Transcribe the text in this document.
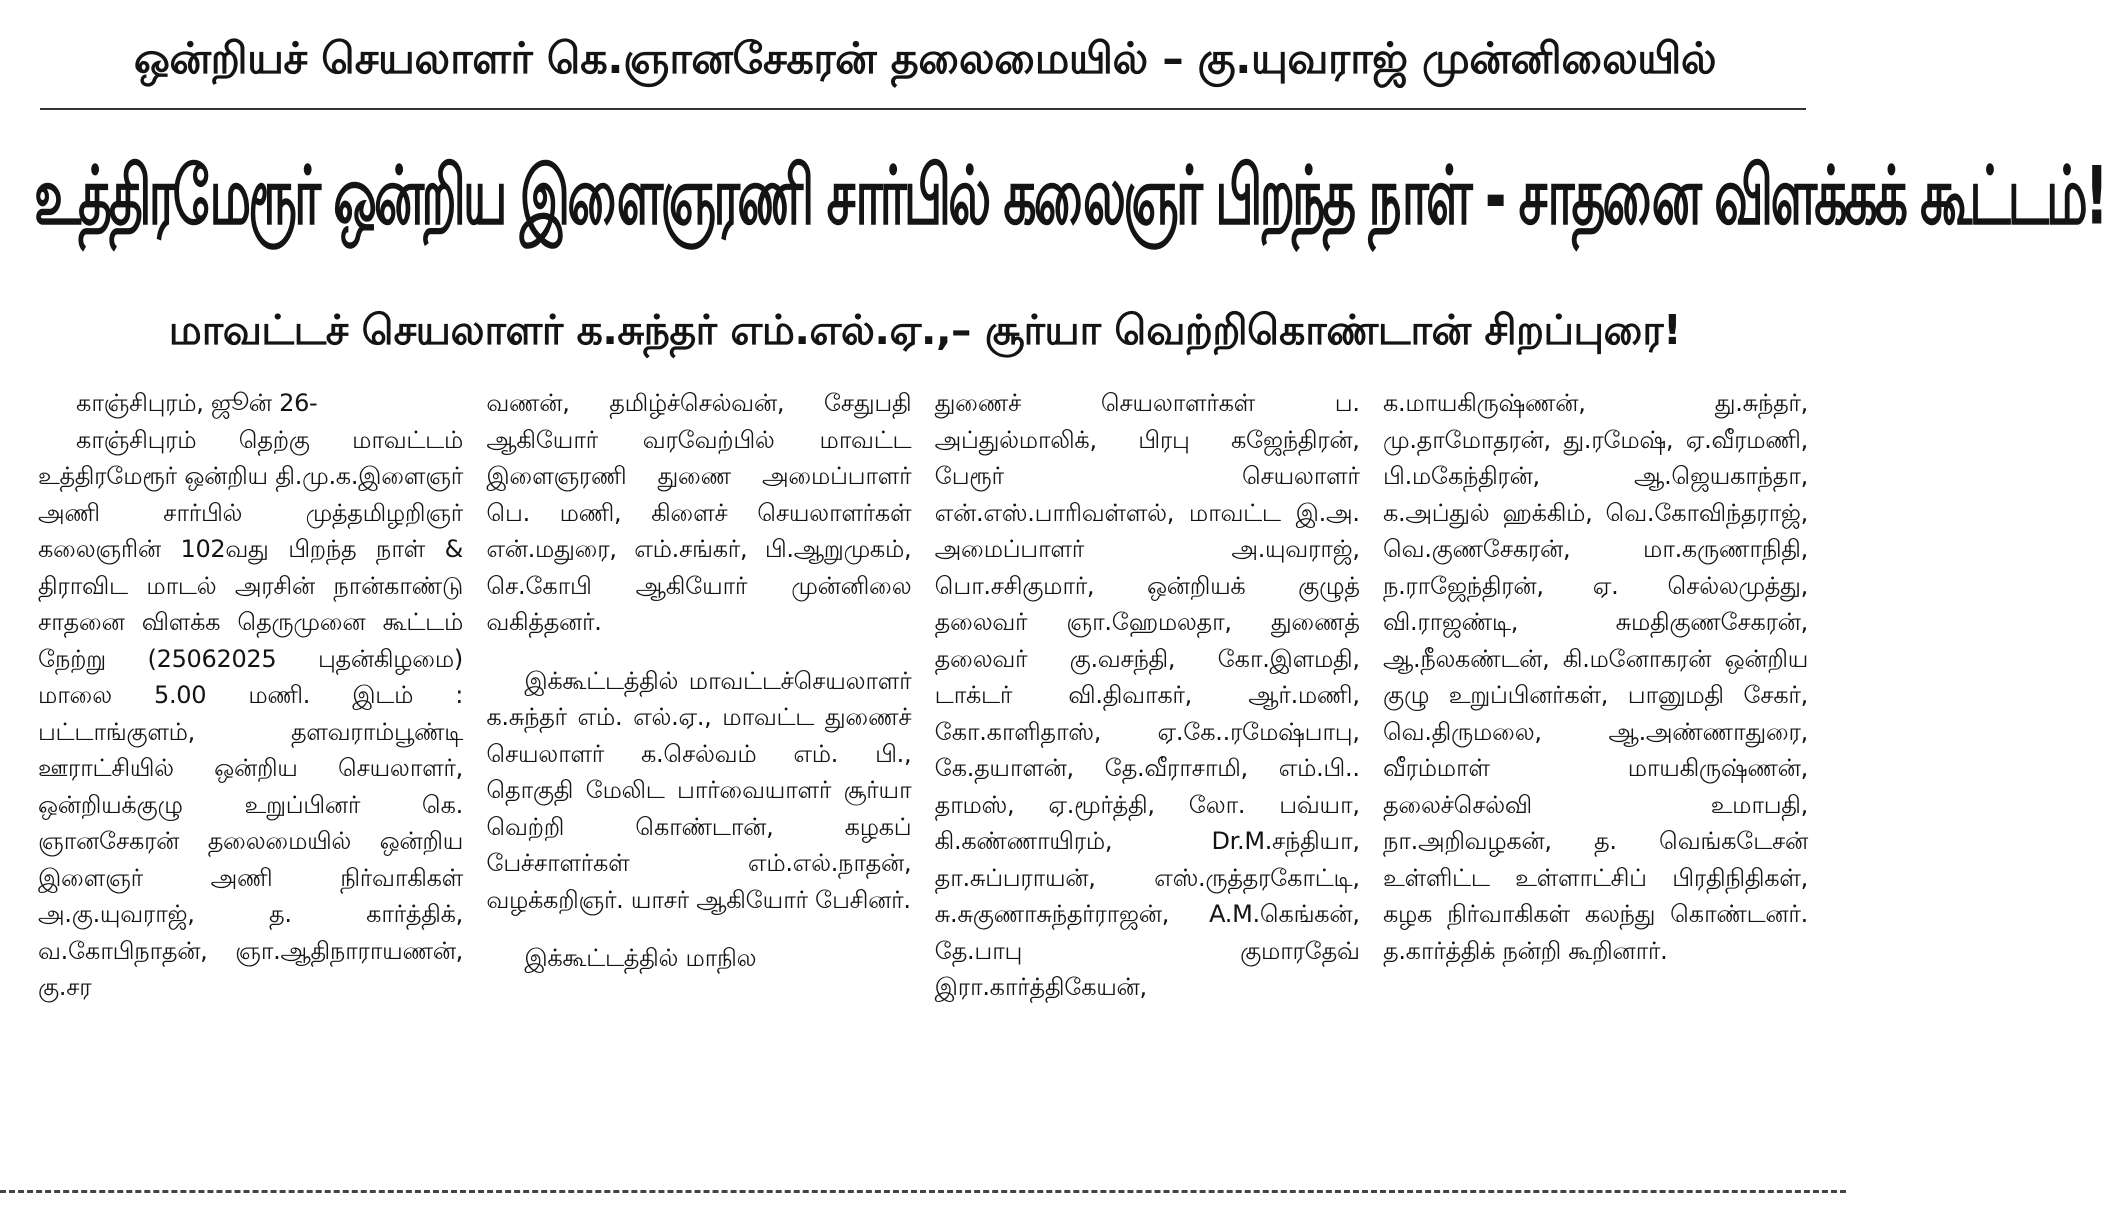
ஒன்றியச் செயலாளர் கெ.ஞானசேகரன் தலைமையில் – கு.யுவராஜ் முன்னிலையில்
உத்திரமேரூர் ஒன்றிய இளைஞரணி சார்பில் கலைஞர் பிறந்த நாள் - சாதனை விளக்கக் கூட்டம்!
மாவட்டச் செயலாளர் க.சுந்தர் எம்.எல்.ஏ.,– சூர்யா வெற்றிகொண்டான் சிறப்புரை!

காஞ்சிபுரம், ஜூன் 26-

காஞ்சிபுரம் தெற்கு மாவட்டம் உத்திரமேரூர் ஒன்றிய தி.மு.க.இளைஞர் அணி சார்பில் முத்தமிழறிஞர் கலைஞரின் 102வது பிறந்த நாள் & திராவிட மாடல் அரசின் நான்காண்டு சாதனை விளக்க தெருமுனை கூட்டம் நேற்று (25062025 புதன்கிழமை) மாலை 5.00 மணி. இடம் : பட்டாங்குளம், தளவராம்பூண்டி ஊராட்சியில் ஒன்றிய செயலாளர், ஒன்றியக்குழு உறுப்பினர் கெ. ஞானசேகரன் தலைமையில் ஒன்றிய இளைஞர் அணி நிர்வாகிகள் அ.கு.யுவராஜ், த. கார்த்திக், வ.கோபிநாதன், ஞா.ஆதிநாராயணன், கு.சர

வணன், தமிழ்ச்செல்வன், சேதுபதி ஆகியோர் வரவேற்பில் மாவட்ட இளைஞரணி துணை அமைப்பாளர் பெ. மணி, கிளைச் செயலாளர்கள் என்.மதுரை, எம்.சங்கர், பி.ஆறுமுகம், செ.கோபி ஆகியோர் முன்னிலை வகித்தனர்.

இக்கூட்டத்தில் மாவட்டச்செயலாளர் க.சுந்தர் எம். எல்.ஏ., மாவட்ட துணைச் செயலாளர் க.செல்வம் எம். பி., தொகுதி மேலிட பார்வையாளர் சூர்யா வெற்றி கொண்டான், கழகப் பேச்சாளர்கள் எம்.எல்.நாதன், வழக்கறிஞர். யாசர் ஆகியோர் பேசினர்.

இக்கூட்டத்தில் மாநில

துணைச் செயலாளர்கள் ப. அப்துல்மாலிக், பிரபு கஜேந்திரன், பேரூர் செயலாளர் என்.எஸ்.பாரிவள்ளல், மாவட்ட இ.அ. அமைப்பாளர் அ.யுவராஜ், பொ.சசிகுமார், ஒன்றியக் குழுத் தலைவர் ஞா.ஹேமலதா, துணைத் தலைவர் கு.வசந்தி, கோ.இளமதி, டாக்டர் வி.திவாகர், ஆர்.மணி, கோ.காளிதாஸ், ஏ.கே..ரமேஷ்பாபு, கே.தயாளன், தே.வீராசாமி, எம்.பி.. தாமஸ், ஏ.மூர்த்தி, லோ. பவ்யா, கி.கண்ணாயிரம், Dr.M.சந்தியா, தா.சுப்பராயன், எஸ்.ருத்தரகோட்டி, சு.சுகுணாசுந்தர்ராஜன், A.M.கெங்கன், தே.பாபு குமாரதேவ் இரா.கார்த்திகேயன்,

க.மாயகிருஷ்ணன், து.சுந்தர், மு.தாமோதரன், து.ரமேஷ், ஏ.வீரமணி, பி.மகேந்திரன், ஆ.ஜெயகாந்தா, க.அப்துல் ஹக்கிம், வெ.கோவிந்தராஜ், வெ.குணசேகரன், மா.கருணாநிதி, ந.ராஜேந்திரன், ஏ. செல்லமுத்து, வி.ராஜண்டி, சுமதிகுணசேகரன், ஆ.நீலகண்டன், கி.மனோகரன் ஒன்றிய குழு உறுப்பினர்கள், பானுமதி சேகர், வெ.திருமலை, ஆ.அண்ணாதுரை, வீரம்மாள் மாயகிருஷ்ணன், தலைச்செல்வி உமாபதி, நா.அறிவழகன், த. வெங்கடேசன் உள்ளிட்ட உள்ளாட்சிப் பிரதிநிதிகள், கழக நிர்வாகிகள் கலந்து கொண்டனர். த.கார்த்திக் நன்றி கூறினார்.
